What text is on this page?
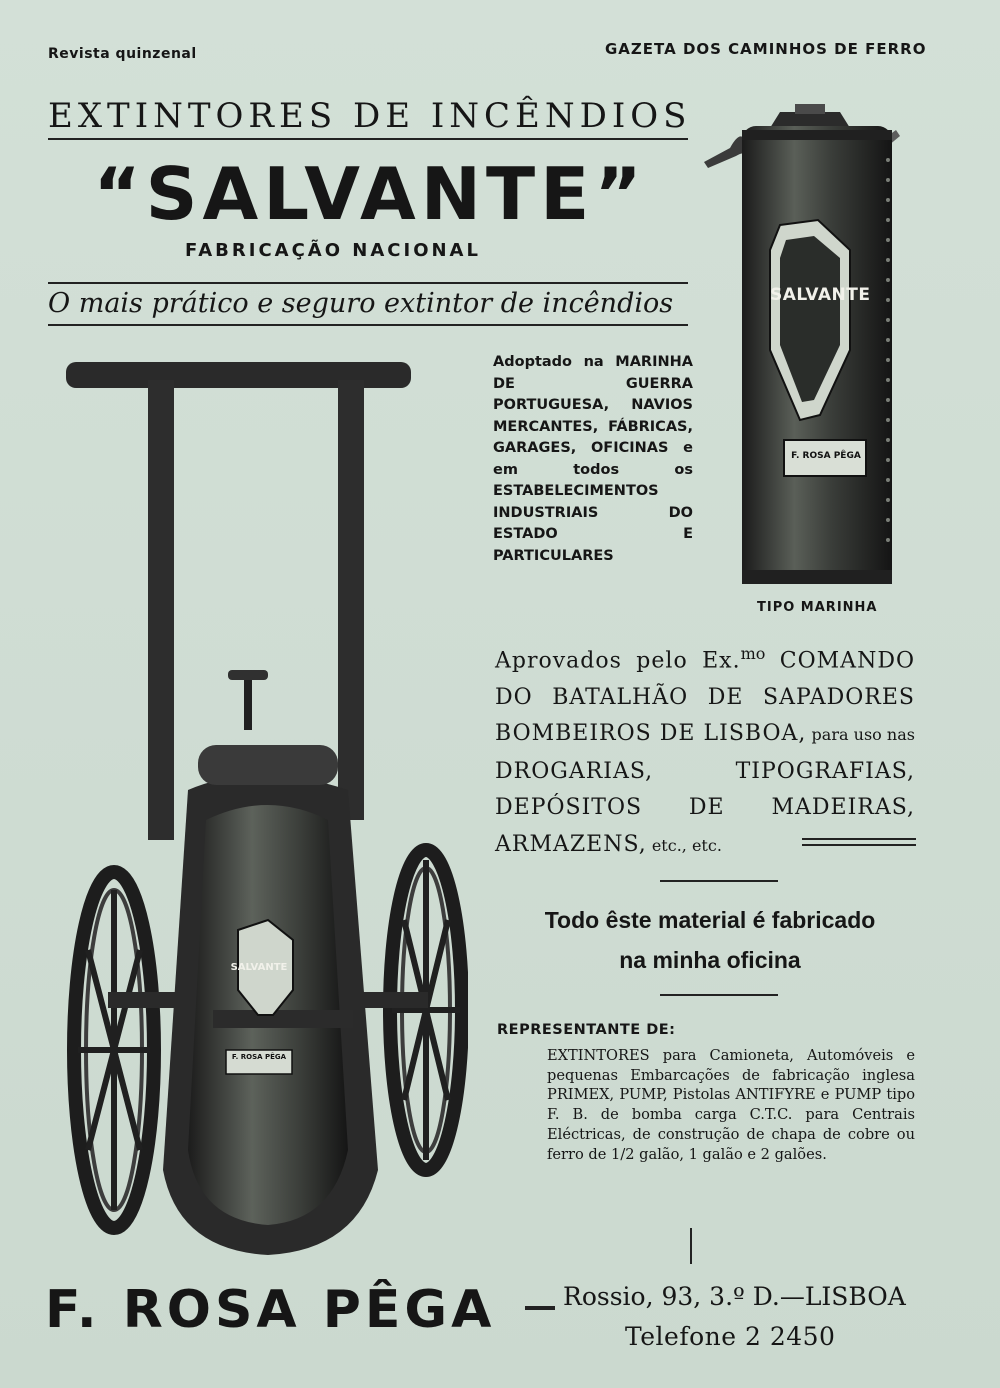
Revista quinzenal	GAZETA DOS CAMINHOS DE FERRO
EXTINTORES DE INCÊNDIOS
“SALVANTE”
FABRICAÇÃO NACIONAL
O mais prático e seguro extintor de incêndios
Adoptado na MARINHA DE GUERRA PORTUGUESA, NAVIOS MERCANTES, FÁBRICAS, GARAGES, OFICINAS e em todos os ESTABELECIMENTOS INDUSTRIAIS DO ESTADO E PARTICULARES
SALVANTE
F. ROSA PÊGA
TIPO MARINHA
SALVANTE
F. ROSA PÊGA
Aprovados pelo Ex.$^{mo}$ COMANDO DO BATALHÃO DE SAPADORES BOMBEIROS DE LISBOA, para uso nas DROGARIAS, TIPOGRAFIAS, DEPÓSITOS DE MADEIRAS, ARMAZENS, etc., etc.
Todo êste material é fabricado
na minha oficina
REPRESENTANTE DE:
EXTINTORES para Camioneta, Automóveis e pequenas Embarcações de fabricação inglesa PRIMEX, PUMP, Pistolas ANTIFYRE e PUMP tipo F. B. de bomba carga C.T.C. para Centrais Eléctricas, de construção de chapa de cobre ou ferro de 1/2 galão, 1 galão e 2 galões.
F. ROSA PÊGA	Rossio, 93, 3.º D.—LISBOA
Telefone 2 2450
